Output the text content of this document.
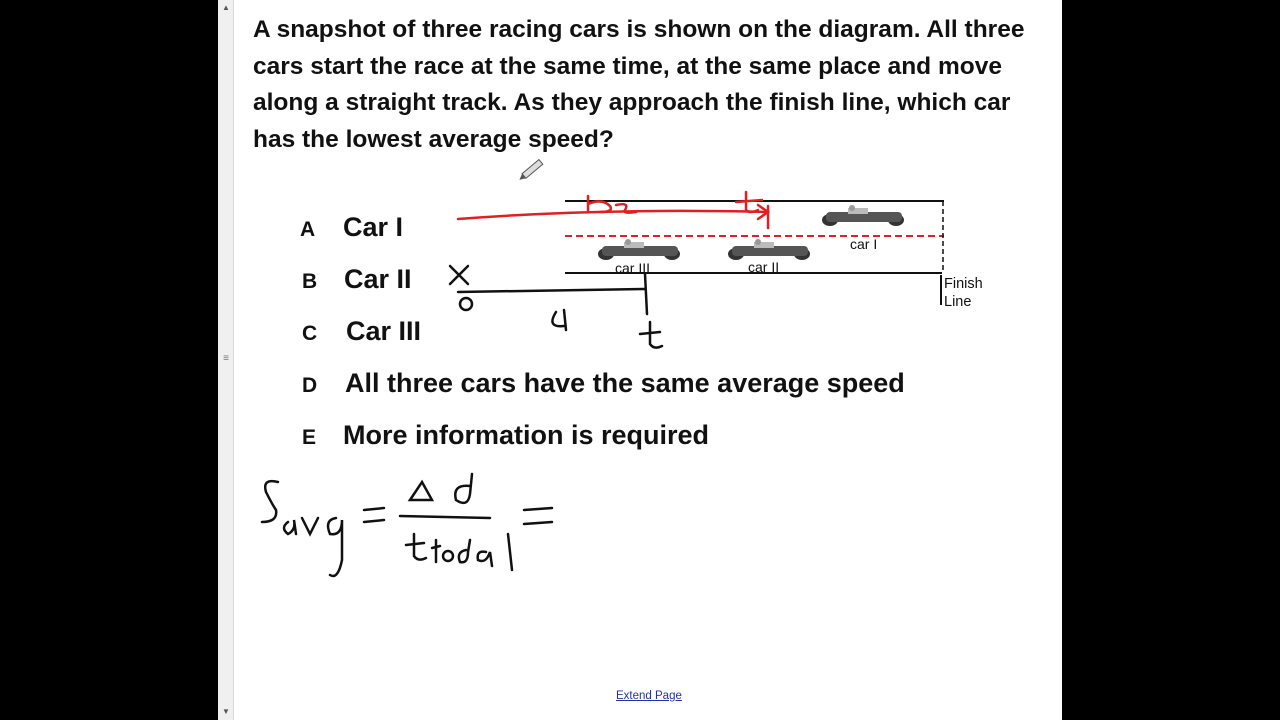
▲
≡
▼

A snapshot of three racing cars is shown on the diagram. All three cars start the race at the same time, at the same place and move along a straight track. As they approach the finish line, which car has the lowest average speed?

A Car I
B Car II
C Car III
D All three cars have the same average speed
E More information is required
car I
car II
car III
Finish Line
Extend Page
